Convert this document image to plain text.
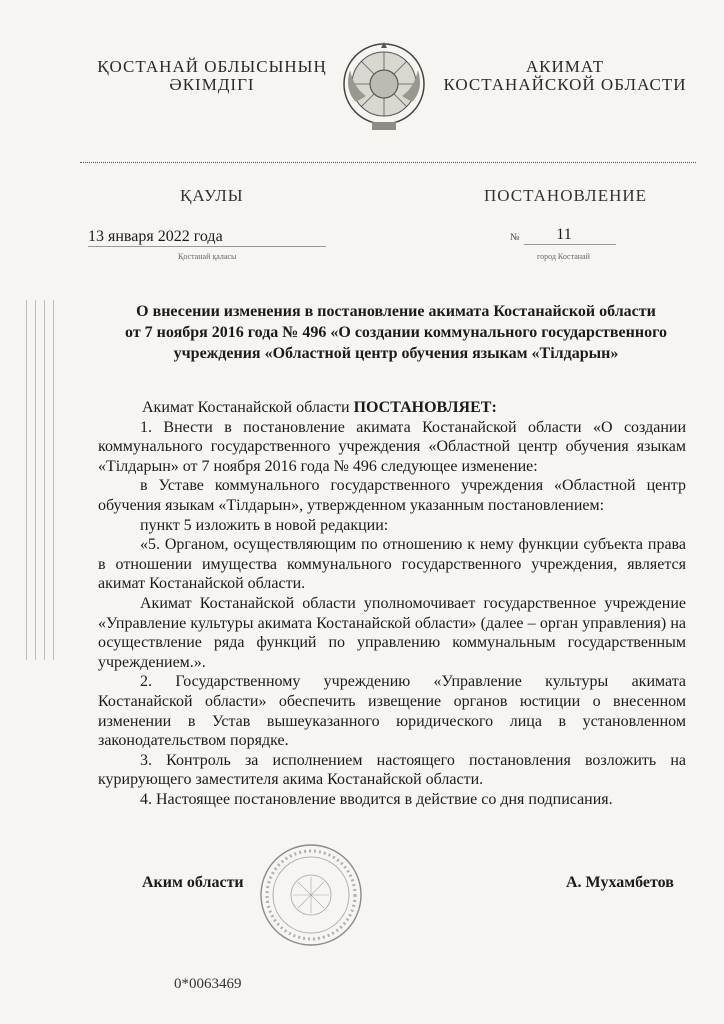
ҚОСТАНАЙ ОБЛЫСЫНЫҢ
ӘКІМДІГІ
АКИМАТ
КОСТАНАЙСКОЙ ОБЛАСТИ
ҚАУЛЫ	ПОСТАНОВЛЕНИЕ
13 января 2022 года
Қостанай қаласы
№	11
город Костанай
О внесении изменения в постановление акимата Костанайской области
от 7 ноября 2016 года № 496 «О создании коммунального государственного
учреждения «Областной центр обучения языкам «Тілдарын»

Акимат Костанайской области ПОСТАНОВЛЯЕТ:

1. Внести в постановление акимата Костанайской области «О создании коммунального государственного учреждения «Областной центр обучения языкам «Тілдарын» от 7 ноября 2016 года № 496 следующее изменение:

в Уставе коммунального государственного учреждения «Областной центр обучения языкам «Тілдарын», утвержденном указанным постановлением:

пункт 5 изложить в новой редакции:

«5. Органом, осуществляющим по отношению к нему функции субъекта права в отношении имущества коммунального государственного учреждения, является акимат Костанайской области.

Акимат Костанайской области уполномочивает государственное учреждение «Управление культуры акимата Костанайской области» (далее – орган управления) на осуществление ряда функций по управлению коммунальным государственным учреждением.».

2. Государственному учреждению «Управление культуры акимата Костанайской области» обеспечить извещение органов юстиции о внесенном изменении в Устав вышеуказанного юридического лица в установленном законодательством порядке.

3. Контроль за исполнением настоящего постановления возложить на курирующего заместителя акима Костанайской области.

4. Настоящее постановление вводится в действие со дня подписания.

Аким области	А. Мухамбетов
0*0063469
